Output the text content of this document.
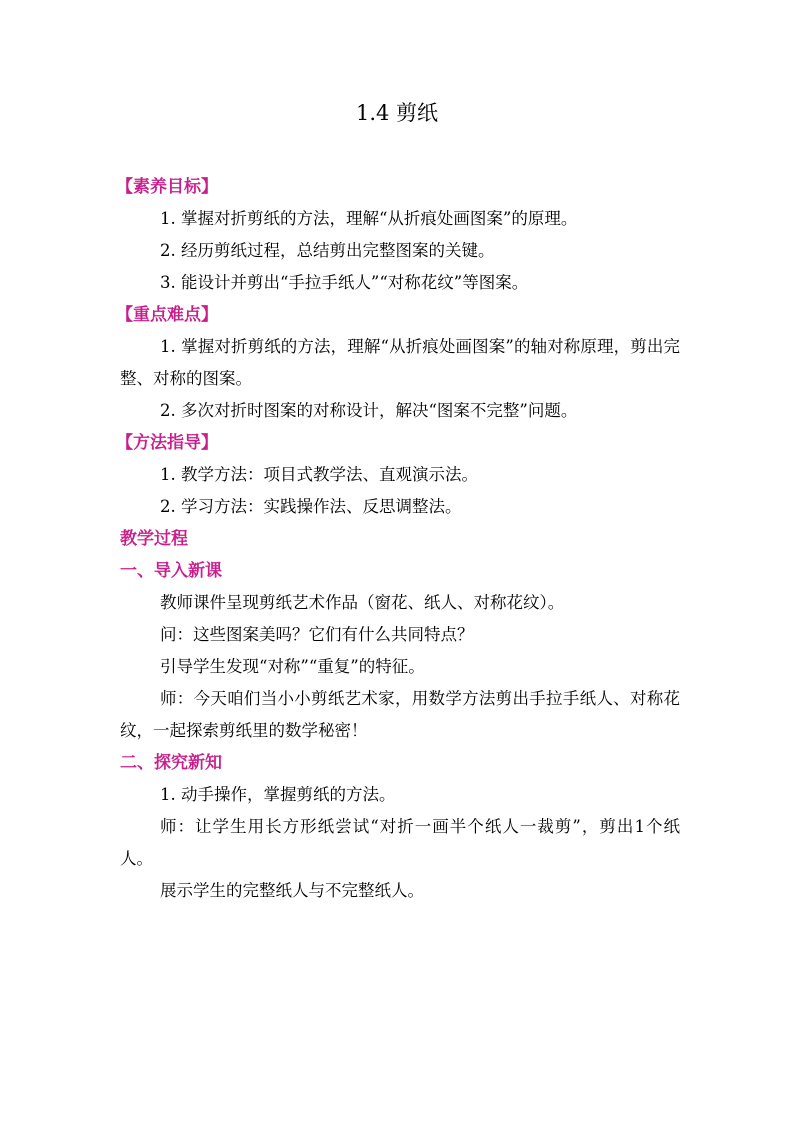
1.4 剪纸
【素养目标】

1. 掌握对折剪纸的方法，理解“从折痕处画图案”的原理。

2. 经历剪纸过程，总结剪出完整图案的关键。

3. 能设计并剪出“手拉手纸人”“对称花纹”等图案。

【重点难点】

1. 掌握对折剪纸的方法，理解“从折痕处画图案”的轴对称原理，剪出完整、对称的图案。

2. 多次对折时图案的对称设计，解决“图案不完整”问题。

【方法指导】

1. 教学方法：项目式教学法、直观演示法。

2. 学习方法：实践操作法、反思调整法。

教学过程
一、导入新课

教师课件呈现剪纸艺术作品（窗花、纸人、对称花纹）。

问：这些图案美吗？它们有什么共同特点？

引导学生发现“对称”“重复”的特征。

师：今天咱们当小小剪纸艺术家，用数学方法剪出手拉手纸人、对称花纹，一起探索剪纸里的数学秘密！

二、探究新知

1. 动手操作，掌握剪纸的方法。

师：让学生用长方形纸尝试“对折一画半个纸人一裁剪”，剪出1个纸人。

展示学生的完整纸人与不完整纸人。
